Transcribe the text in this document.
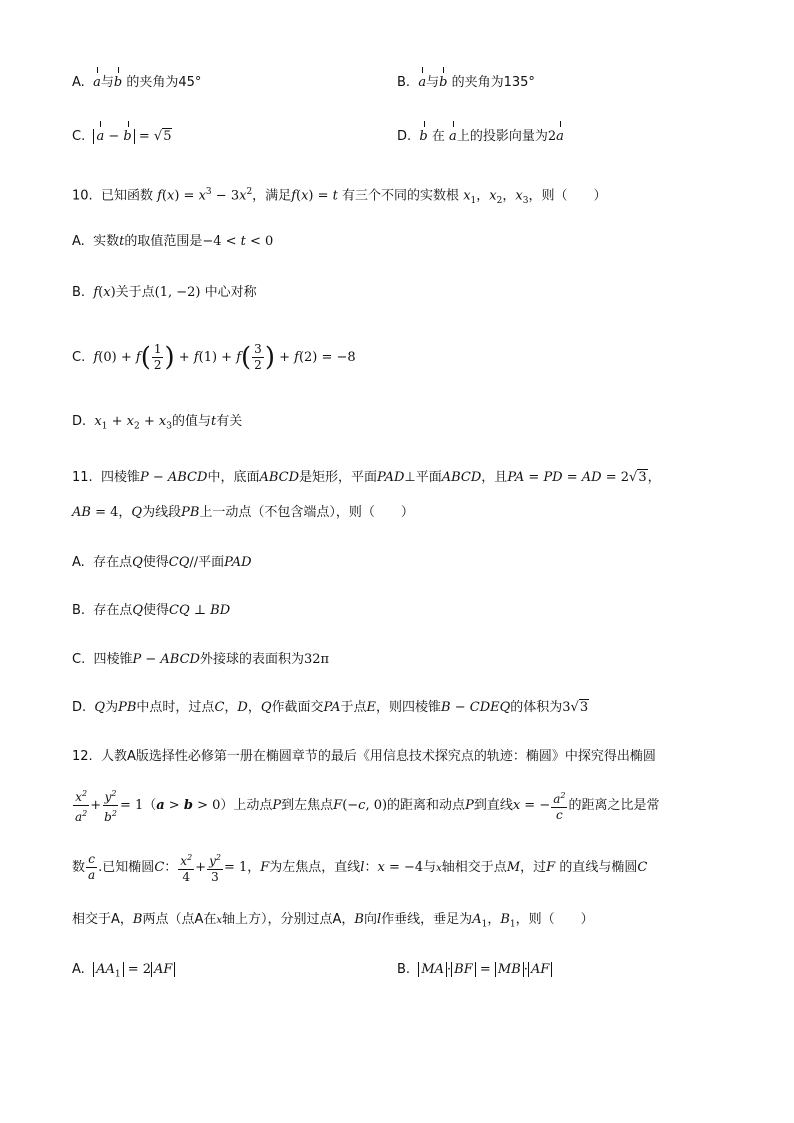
A. a与b 的夹角为45°	B. a与b 的夹角为135°
C. a − b = √5	D. b 在 a上的投影向量为2a
10. 已知函数 $f(x) = x^3 - 3x^2$，满足f(x) = t 有三个不同的实数根 $x_1$，$x_2$，$x_3$，则（　　）
A. 实数t的取值范围是−4 < t < 0
B. f(x)关于点(1, −2) 中心对称
C. $f(0) + f( \frac{1}{2}$ ) + $f(1) + f( \frac{3}{2}$ ) + f(2) = −8
D. $x_1 + x_2 + x_3$的值与t有关
11. 四棱锥P − ABCD中，底面ABCD是矩形，平面PAD⊥平面ABCD，且PA = PD = AD = 2√3，
AB = 4，Q为线段PB上一动点（不包含端点），则（　　）
A. 存在点Q使得CQ//平面PAD
B. 存在点Q使得CQ ⊥ BD
C. 四棱锥P − ABCD外接球的表面积为32π
D. Q为PB中点时，过点C，D，Q作截面交PA于点E，则四棱锥B − CDEQ的体积为3√3
12. 人教A版选择性必修第一册在椭圆章节的最后《用信息技术探究点的轨迹：椭圆》中探究得出椭圆
$\frac{x^2}{a^2} + \frac{y^2}{b^2} = 1(a > b > 0)$上动点P到左焦点F(−c, 0)的距离和动点P到直线x = − $\frac{a^2}{c}$ 的距离之比是常
数 $\frac{c}{a}$ .已知椭圆C： $\frac{x^2}{4} + \frac{y^2}{3} = 1$，F为左焦点，直线l：x = −4与x轴相交于点M，过F 的直线与椭圆C
相交于A，B两点（点A在x轴上方），分别过点A，B向l作垂线，垂足为$A_1$，$B_1$，则（　　）
A. $AA_1 = 2$ AF	B. MA · BF = MB · AF
